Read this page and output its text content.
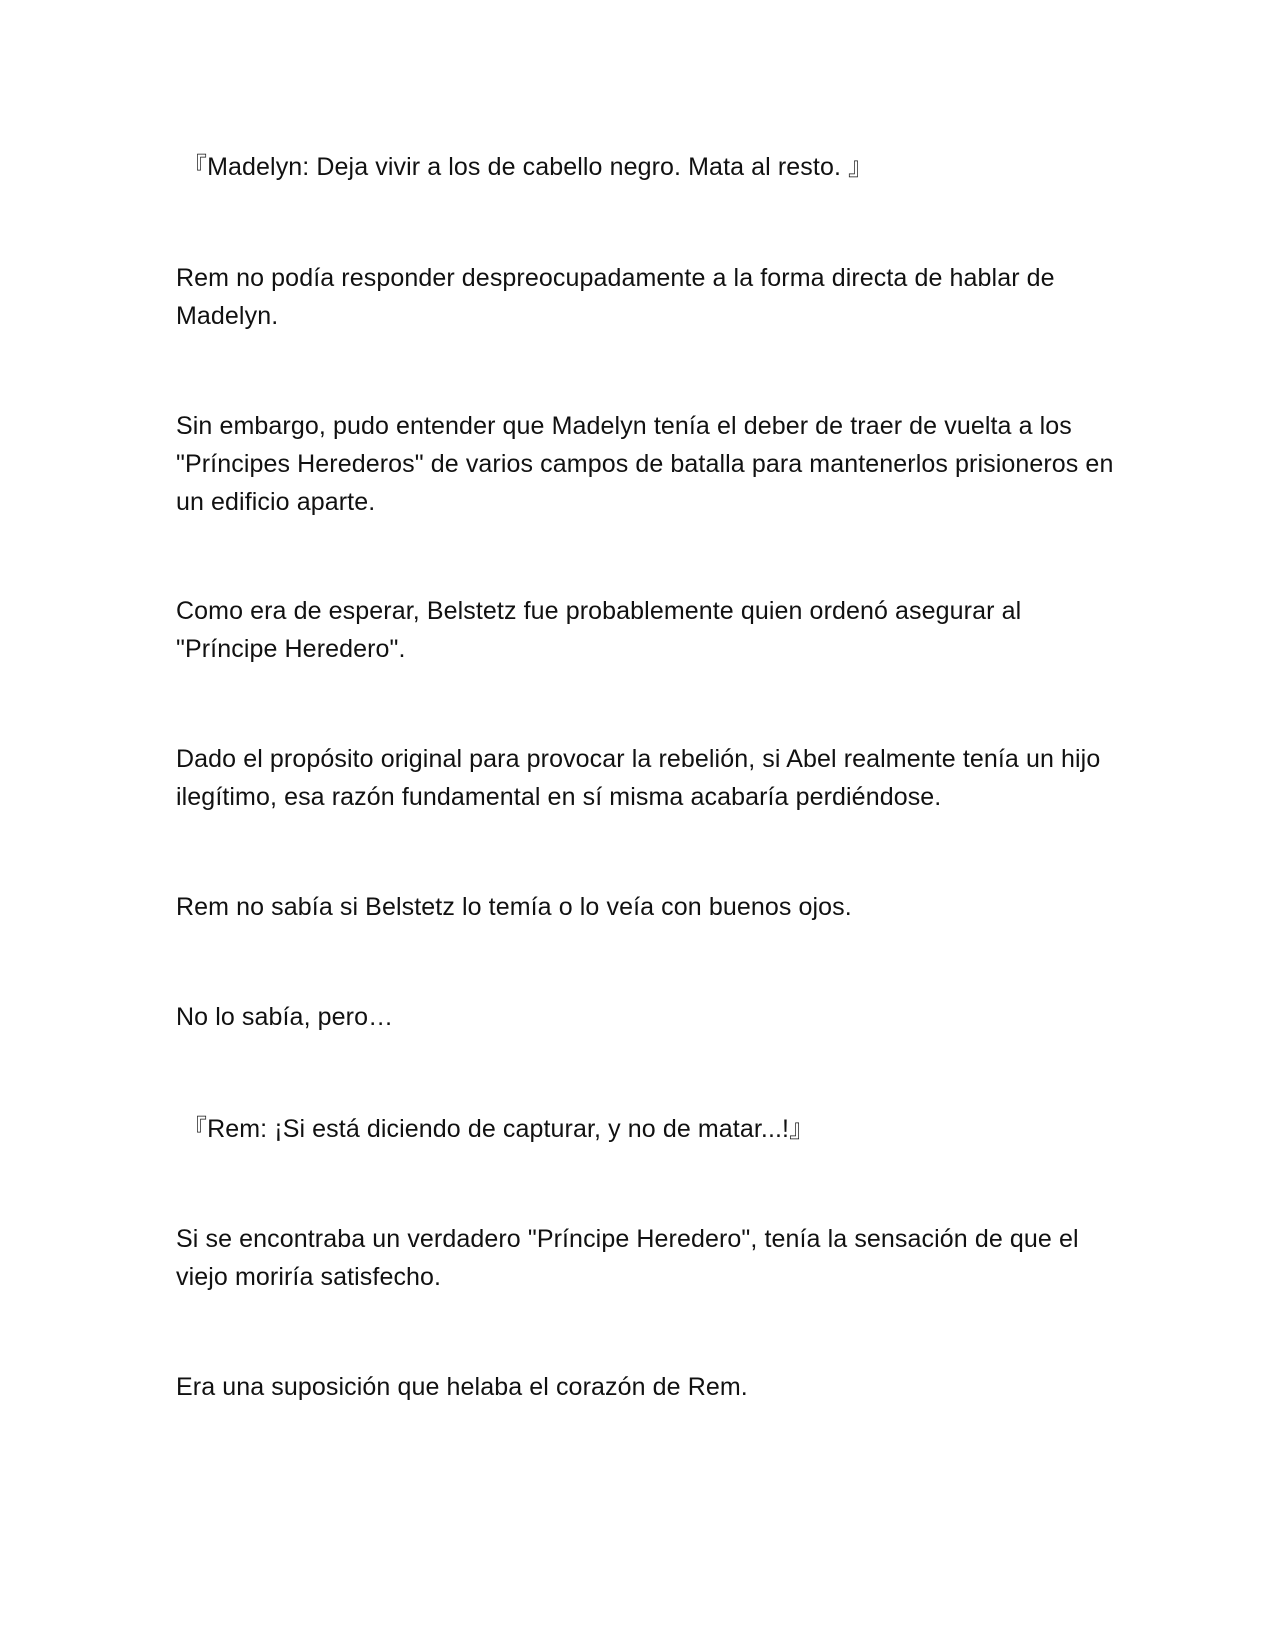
『Madelyn: Deja vivir a los de cabello negro. Mata al resto. 』

Rem no podía responder despreocupadamente a la forma directa de hablar de Madelyn.

Sin embargo, pudo entender que Madelyn tenía el deber de traer de vuelta a los "Príncipes Herederos" de varios campos de batalla para mantenerlos prisioneros en un edificio aparte.

Como era de esperar, Belstetz fue probablemente quien ordenó asegurar al "Príncipe Heredero".

Dado el propósito original para provocar la rebelión, si Abel realmente tenía un hijo ilegítimo, esa razón fundamental en sí misma acabaría perdiéndose.

Rem no sabía si Belstetz lo temía o lo veía con buenos ojos.

No lo sabía, pero…

『Rem: ¡Si está diciendo de capturar, y no de matar...!』

Si se encontraba un verdadero "Príncipe Heredero", tenía la sensación de que el viejo moriría satisfecho.

Era una suposición que helaba el corazón de Rem.
